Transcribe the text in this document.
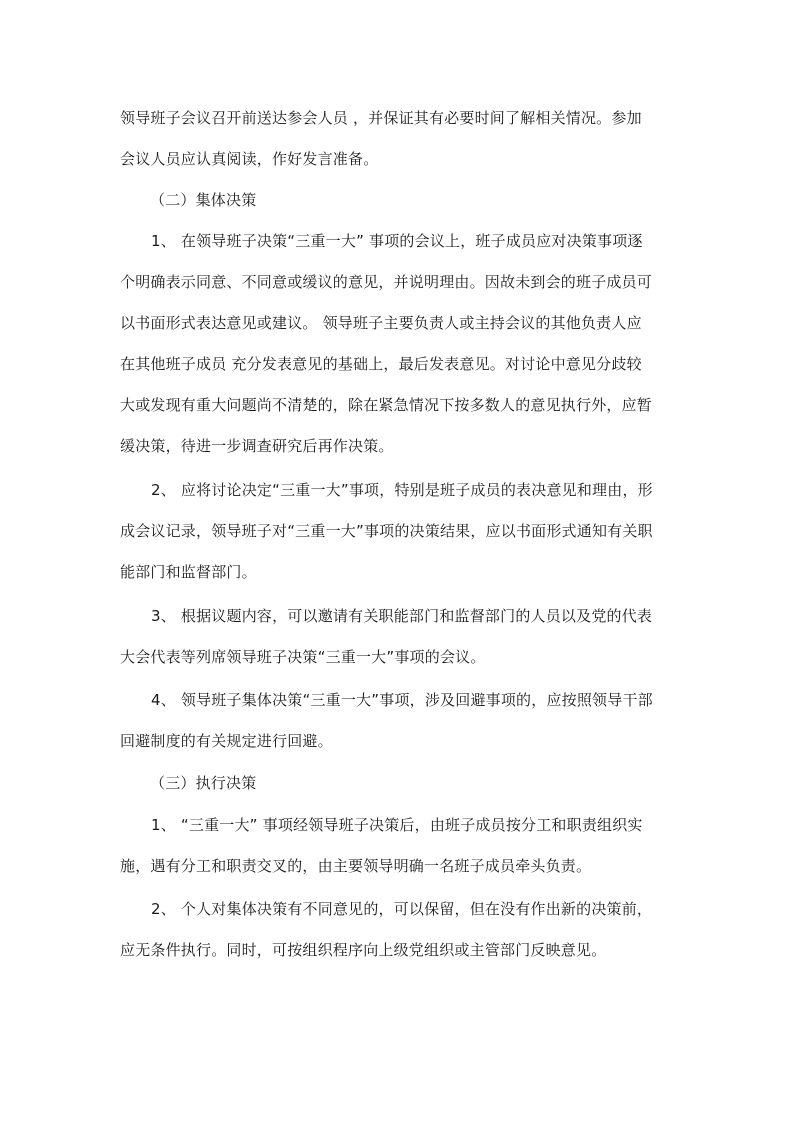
领导班子会议召开前送达参会人员 ，并保证其有必要时间了解相关情况。参加
会议人员应认真阅读，作好发言准备。
（二）集体决策
1、 在领导班子决策“三重一大” 事项的会议上，班子成员应对决策事项逐
个明确表示同意、不同意或缓议的意见，并说明理由。因故未到会的班子成员可
以书面形式表达意见或建议。 领导班子主要负责人或主持会议的其他负责人应
在其他班子成员 充分发表意见的基础上，最后发表意见。对讨论中意见分歧较
大或发现有重大问题尚不清楚的，除在紧急情况下按多数人的意见执行外，应暂
缓决策，待进一步调查研究后再作决策。
2、 应将讨论决定“三重一大”事项，特别是班子成员的表决意见和理由，形
成会议记录，领导班子对“三重一大”事项的决策结果，应以书面形式通知有关职
能部门和监督部门。
3、 根据议题内容，可以邀请有关职能部门和监督部门的人员以及党的代表
大会代表等列席领导班子决策“三重一大”事项的会议。
4、 领导班子集体决策“三重一大”事项，涉及回避事项的，应按照领导干部
回避制度的有关规定进行回避。
（三）执行决策
1、 “三重一大” 事项经领导班子决策后，由班子成员按分工和职责组织实
施，遇有分工和职责交叉的，由主要领导明确一名班子成员牵头负责。
2、 个人对集体决策有不同意见的，可以保留，但在没有作出新的决策前，
应无条件执行。同时，可按组织程序向上级党组织或主管部门反映意见。
